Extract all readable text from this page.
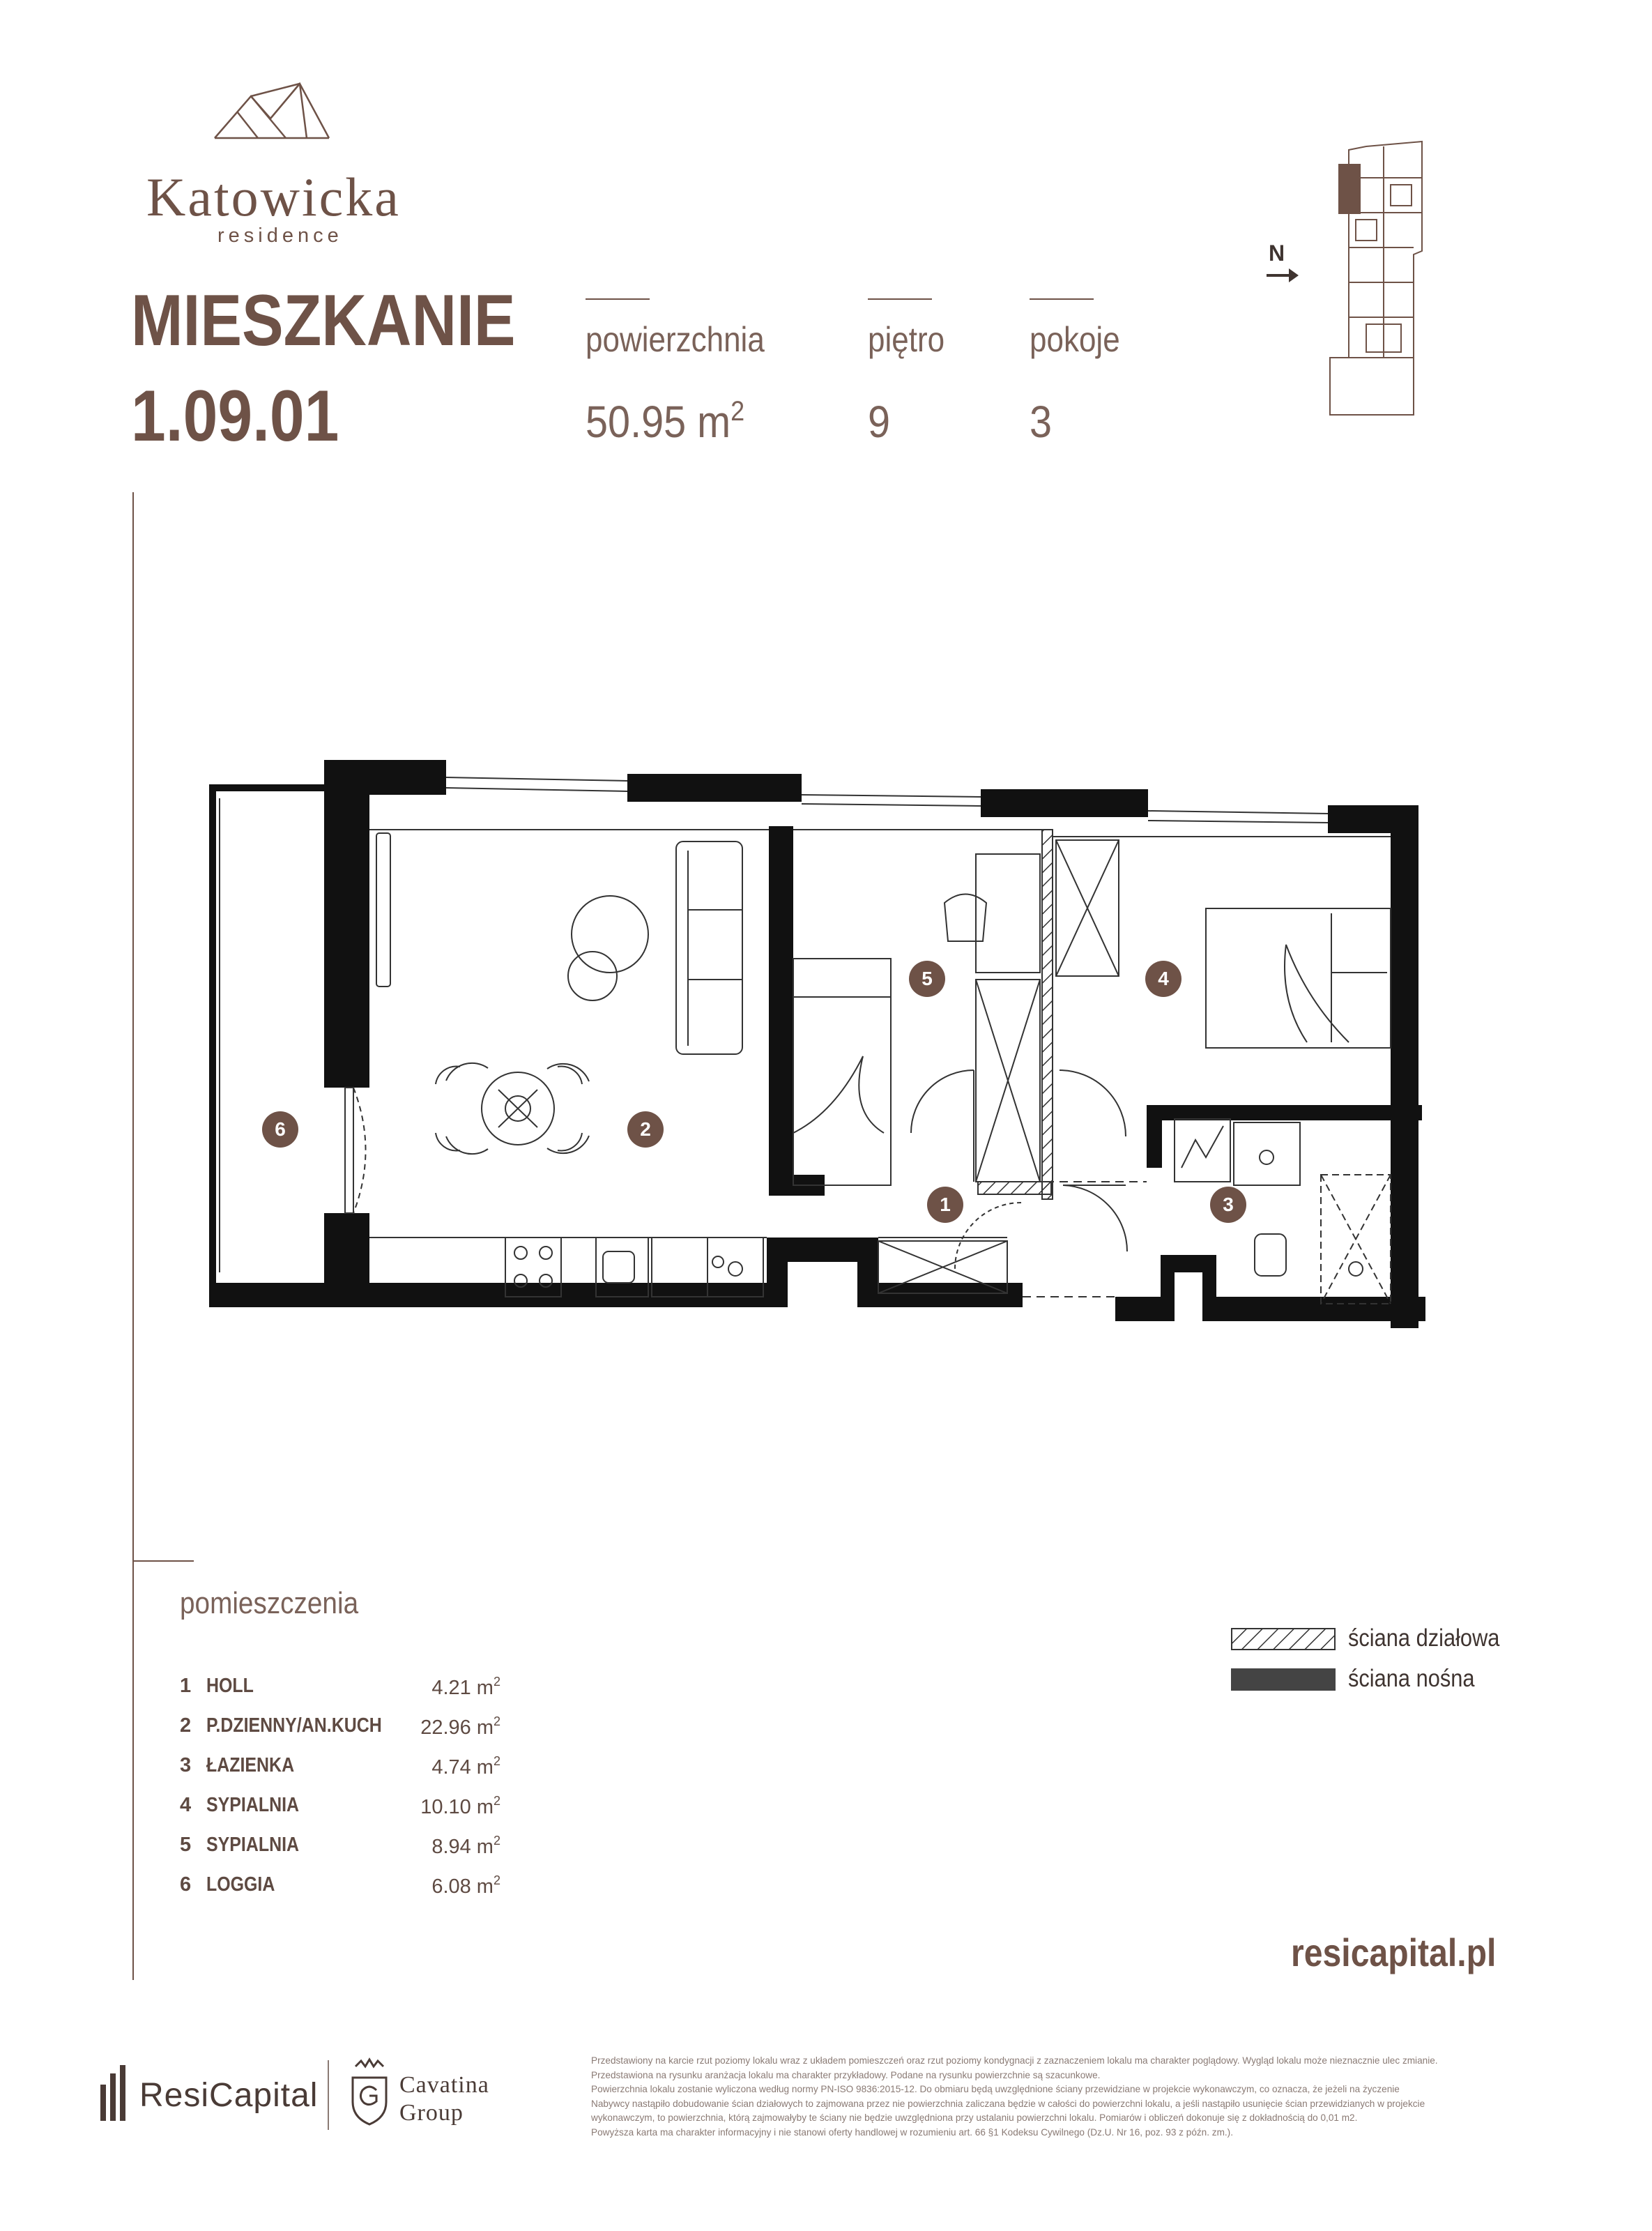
Katowicka
residence
MIESZKANIE
1.09.01
powierzchnia
50.95 $m^2$
piętro
9
pokoje
3
N
1
2
3
4
5
6
pomieszczenia
1 HOLL	4.21 $m^2$
2 P.DZIENNY/AN.KUCH 22.96 $m^2$
3 ŁAZIENKA	4.74 $m^2$
4 SYPIALNIA	10.10 $m^2$
5 SYPIALNIA	8.94 $m^2$
6 LOGGIA	6.08 $m^2$
ściana działowa
ściana nośna
resicapital.pl
ResiCapital	Cavatina
Group
Przedstawiony na karcie rzut poziomy lokalu wraz z układem pomieszczeń oraz rzut poziomy kondygnacji z zaznaczeniem lokalu ma charakter poglądowy. Wygląd lokalu może nieznacznie ulec zmianie.
Przedstawiona na rysunku aranżacja lokalu ma charakter przykładowy. Podane na rysunku powierzchnie są szacunkowe.
Powierzchnia lokalu zostanie wyliczona według normy PN-ISO 9836:2015-12. Do obmiaru będą uwzględnione ściany przewidziane w projekcie wykonawczym, co oznacza, że jeżeli na życzenie
Nabywcy nastąpiło dobudowanie ścian działowych to zajmowana przez nie powierzchnia zaliczana będzie w całości do powierzchni lokalu, a jeśli nastąpiło usunięcie ścian przewidzianych w projekcie
wykonawczym, to powierzchnia, którą zajmowałyby te ściany nie będzie uwzględniona przy ustalaniu powierzchni lokalu. Pomiarów i obliczeń dokonuje się z dokładnością do 0,01 m2.
Powyższa karta ma charakter informacyjny i nie stanowi oferty handlowej w rozumieniu art. 66 §1 Kodeksu Cywilnego (Dz.U. Nr 16, poz. 93 z późn. zm.).
